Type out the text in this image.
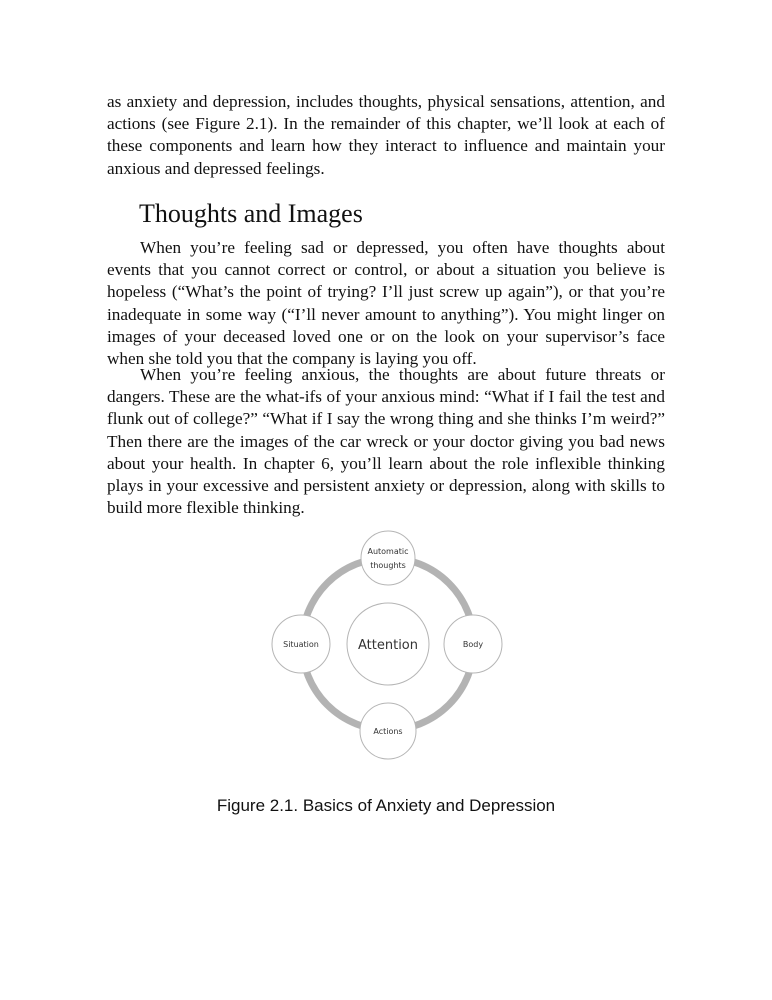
as anxiety and depression, includes thoughts, physical sensations, attention, and actions (see Figure 2.1). In the remainder of this chapter, we’ll look at each of these components and learn how they interact to influence and maintain your anxious and depressed feelings.

Thoughts and Images

When you’re feeling sad or depressed, you often have thoughts about events that you cannot correct or control, or about a situation you believe is hopeless (“What’s the point of trying? I’ll just screw up again”), or that you’re inadequate in some way (“I’ll never amount to anything”). You might linger on images of your deceased loved one or on the look on your supervisor’s face when she told you that the company is laying you off.

When you’re feeling anxious, the thoughts are about future threats or dangers. These are the what-ifs of your anxious mind: “What if I fail the test and flunk out of college?” “What if I say the wrong thing and she thinks I’m weird?” Then there are the images of the car wreck or your doctor giving you bad news about your health. In chapter 6, you’ll learn about the role inflexible thinking plays in your excessive and persistent anxiety or depression, along with skills to build more flexible thinking.

Automatic
thoughts
Situation	Body
Actions
Attention

Figure 2.1. Basics of Anxiety and Depression
